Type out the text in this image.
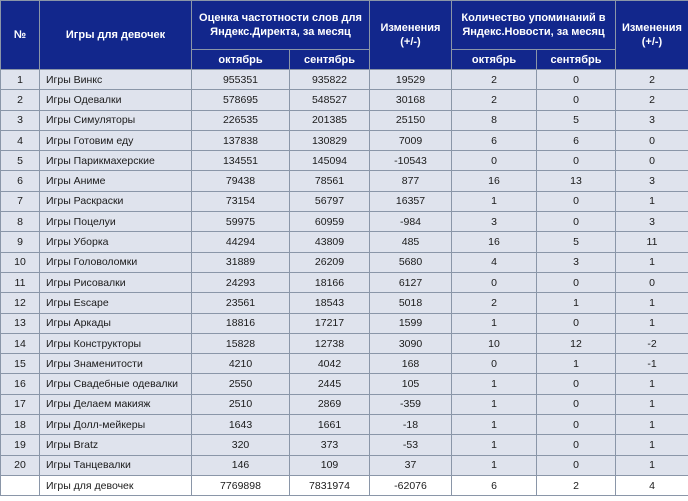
№	Игры для девочек	Оценка частотности слов для Яндекс.Директа, за месяц		Изменения (+/-)	Количество упоминаний в Яндекс.Новости, за месяц		Изменения (+/-)
		октябрь	сентябрь		октябрь	сентябрь	
1	Игры Винкс	955351	935822	19529	2	0	2
2	Игры Одевалки	578695	548527	30168	2	0	2
3	Игры Симуляторы	226535	201385	25150	8	5	3
4	Игры Готовим еду	137838	130829	7009	6	6	0
5	Игры Парикмахерские	134551	145094	-10543	0	0	0
6	Игры Аниме	79438	78561	877	16	13	3
7	Игры Раскраски	73154	56797	16357	1	0	1
8	Игры Поцелуи	59975	60959	-984	3	0	3
9	Игры Уборка	44294	43809	485	16	5	11
10	Игры Головоломки	31889	26209	5680	4	3	1
11	Игры Рисовалки	24293	18166	6127	0	0	0
12	Игры Escape	23561	18543	5018	2	1	1
13	Игры Аркады	18816	17217	1599	1	0	1
14	Игры Конструкторы	15828	12738	3090	10	12	-2
15	Игры Знаменитости	4210	4042	168	0	1	-1
16	Игры Свадебные одевалки	2550	2445	105	1	0	1
17	Игры Делаем макияж	2510	2869	-359	1	0	1
18	Игры Долл-мейкеры	1643	1661	-18	1	0	1
19	Игры Bratz	320	373	-53	1	0	1
20	Игры Танцевалки	146	109	37	1	0	1
	Игры для девочек	7769898	7831974	-62076	6	2	4
